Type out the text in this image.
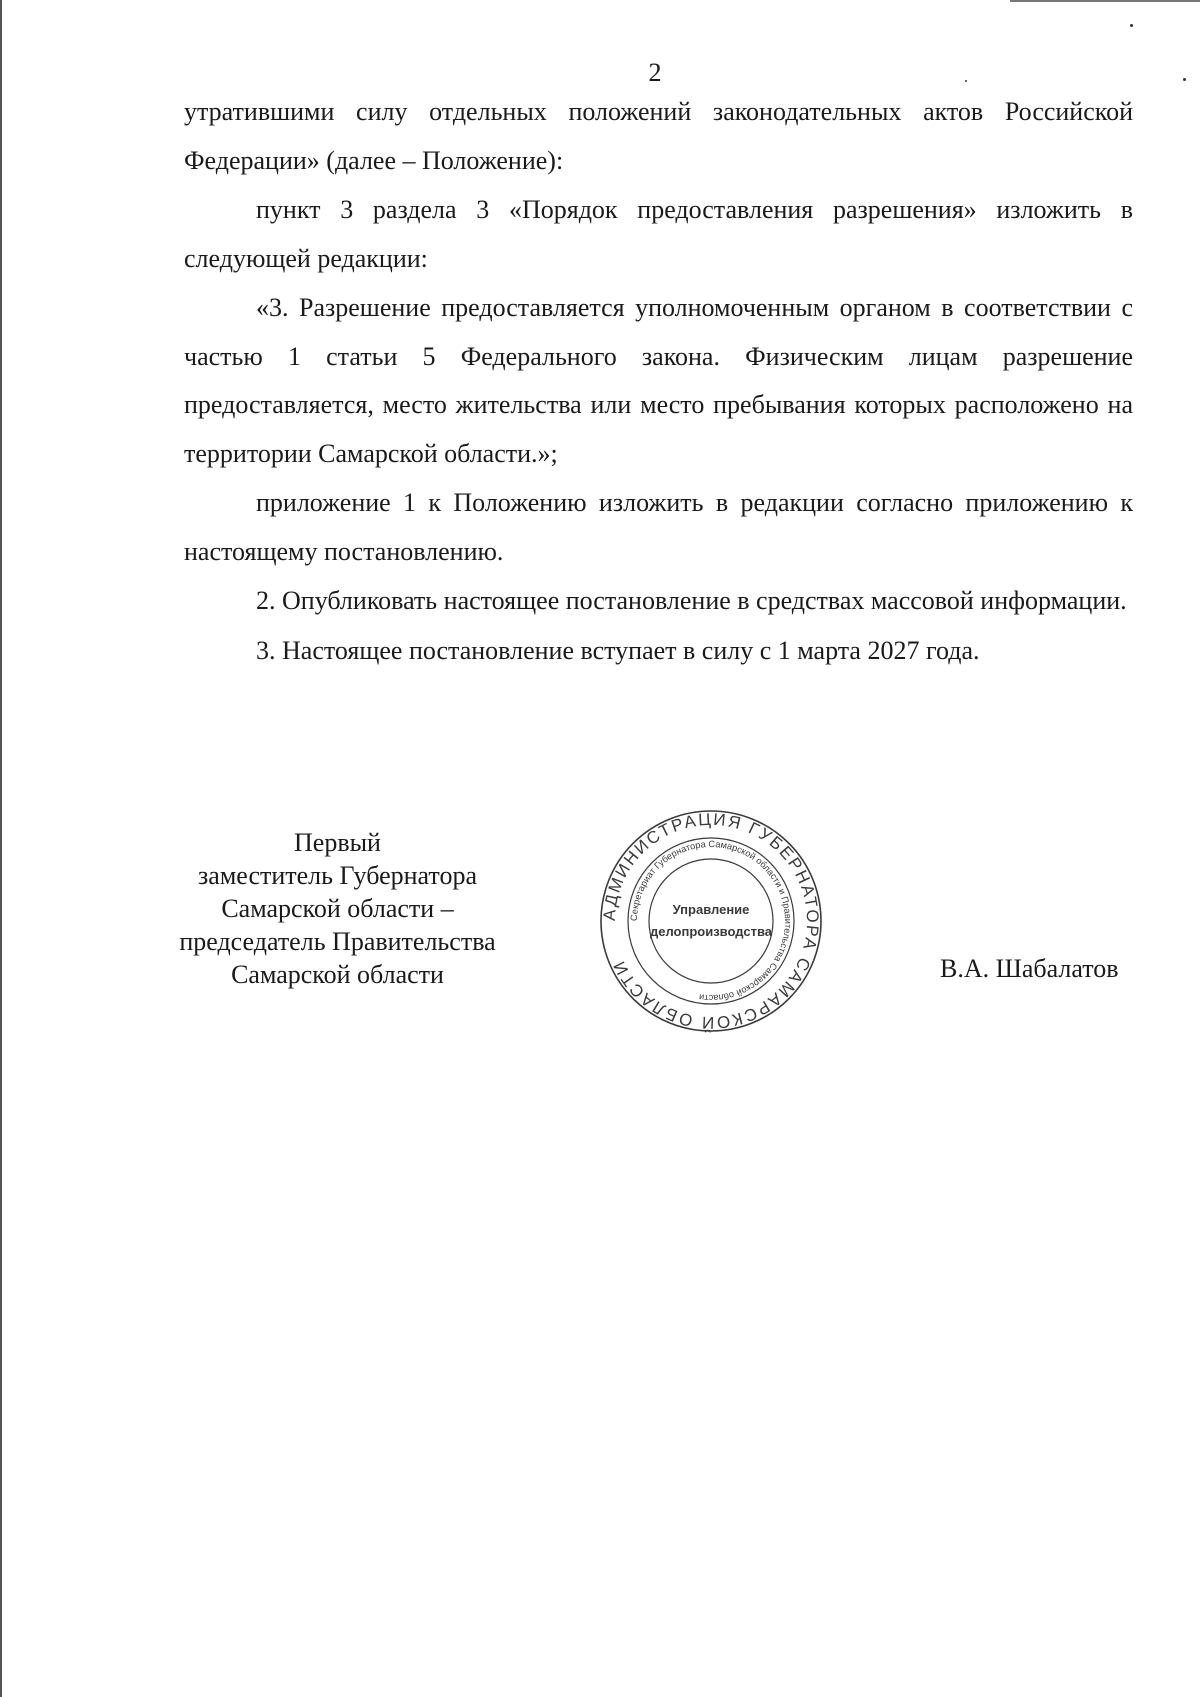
2

утратившими силу отдельных положений законодательных актов Российской Федерации» (далее – Положение):

пункт 3 раздела 3 «Порядок предоставления разрешения» изложить в следующей редакции:

«3. Разрешение предоставляется уполномоченным органом в соответствии с частью 1 статьи 5 Федерального закона. Физическим лицам разрешение предоставляется, место жительства или место пребывания которых расположено на территории Самарской области.»;

приложение 1 к Положению изложить в редакции согласно приложению к настоящему постановлению.

2. Опубликовать настоящее постановление в средствах массовой информации.

3. Настоящее постановление вступает в силу с 1 марта 2027 года.

Первый
заместитель Губернатора
Самарской области –
председатель Правительства
Самарской области
АДМИНИСТРАЦИЯ ГУБЕРНАТОРА САМАРСКОЙ ОБЛАСТИ
Секретариат Губернатора Самарской области и Правительства Самарской области
Управление
делопроизводства
В.А. Шабалатов
